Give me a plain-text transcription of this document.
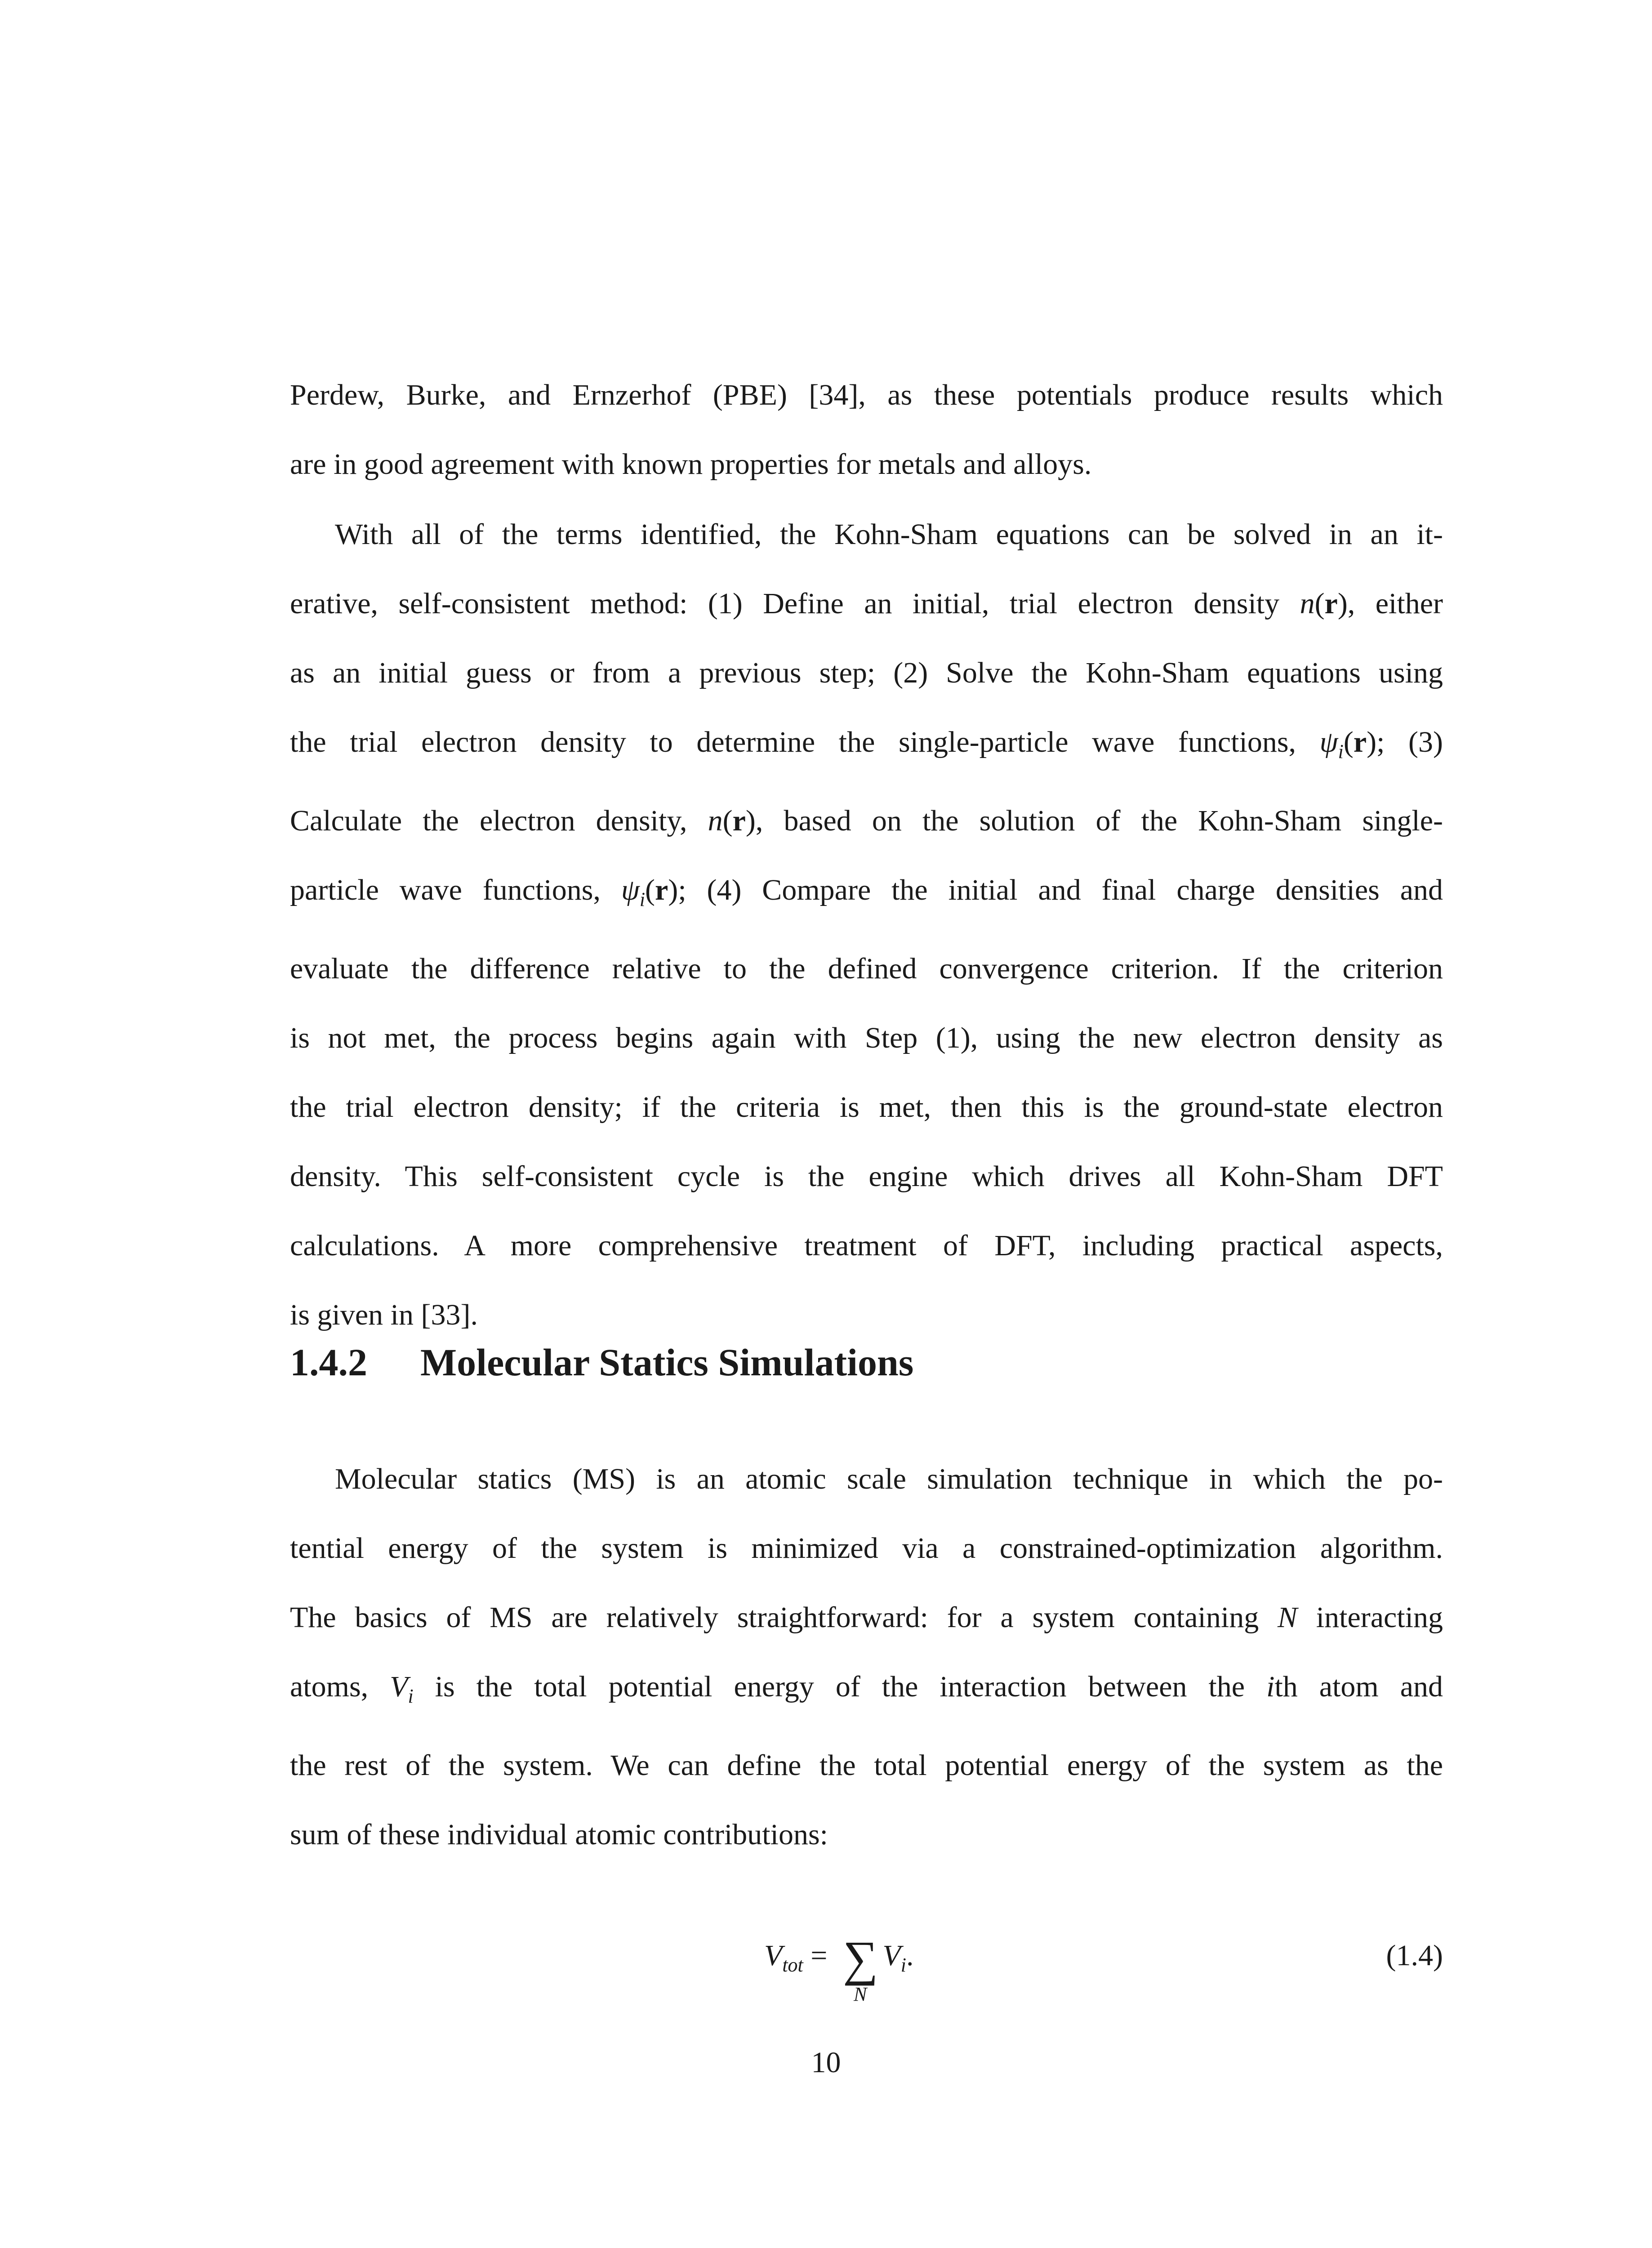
Perdew, Burke, and Ernzerhof (PBE) [34], as these potentials produce results which
are in good agreement with known properties for metals and alloys.
With all of the terms identified, the Kohn-Sham equations can be solved in an it-
erative, self-consistent method: (1) Define an initial, trial electron density n(r), either
as an initial guess or from a previous step; (2) Solve the Kohn-Sham equations using
the trial electron density to determine the single-particle wave functions, $\psi_i(r)$; (3)
Calculate the electron density, n(r), based on the solution of the Kohn-Sham single-
particle wave functions, $\psi_i(r)$; (4) Compare the initial and final charge densities and
evaluate the difference relative to the defined convergence criterion. If the criterion
is not met, the process begins again with Step (1), using the new electron density as
the trial electron density; if the criteria is met, then this is the ground-state electron
density. This self-consistent cycle is the engine which drives all Kohn-Sham DFT
calculations. A more comprehensive treatment of DFT, including practical aspects,
is given in [33].
1.4.2 Molecular Statics Simulations
Molecular statics (MS) is an atomic scale simulation technique in which the po-
tential energy of the system is minimized via a constrained-optimization algorithm.
The basics of MS are relatively straightforward: for a system containing N interacting
atoms, $V_i$ is the total potential energy of the interaction between the ith atom and
the rest of the system. We can define the total potential energy of the system as the
sum of these individual atomic contributions:
$V_{tot}$ = ∑
N
$V_i$.	(1.4)
10
